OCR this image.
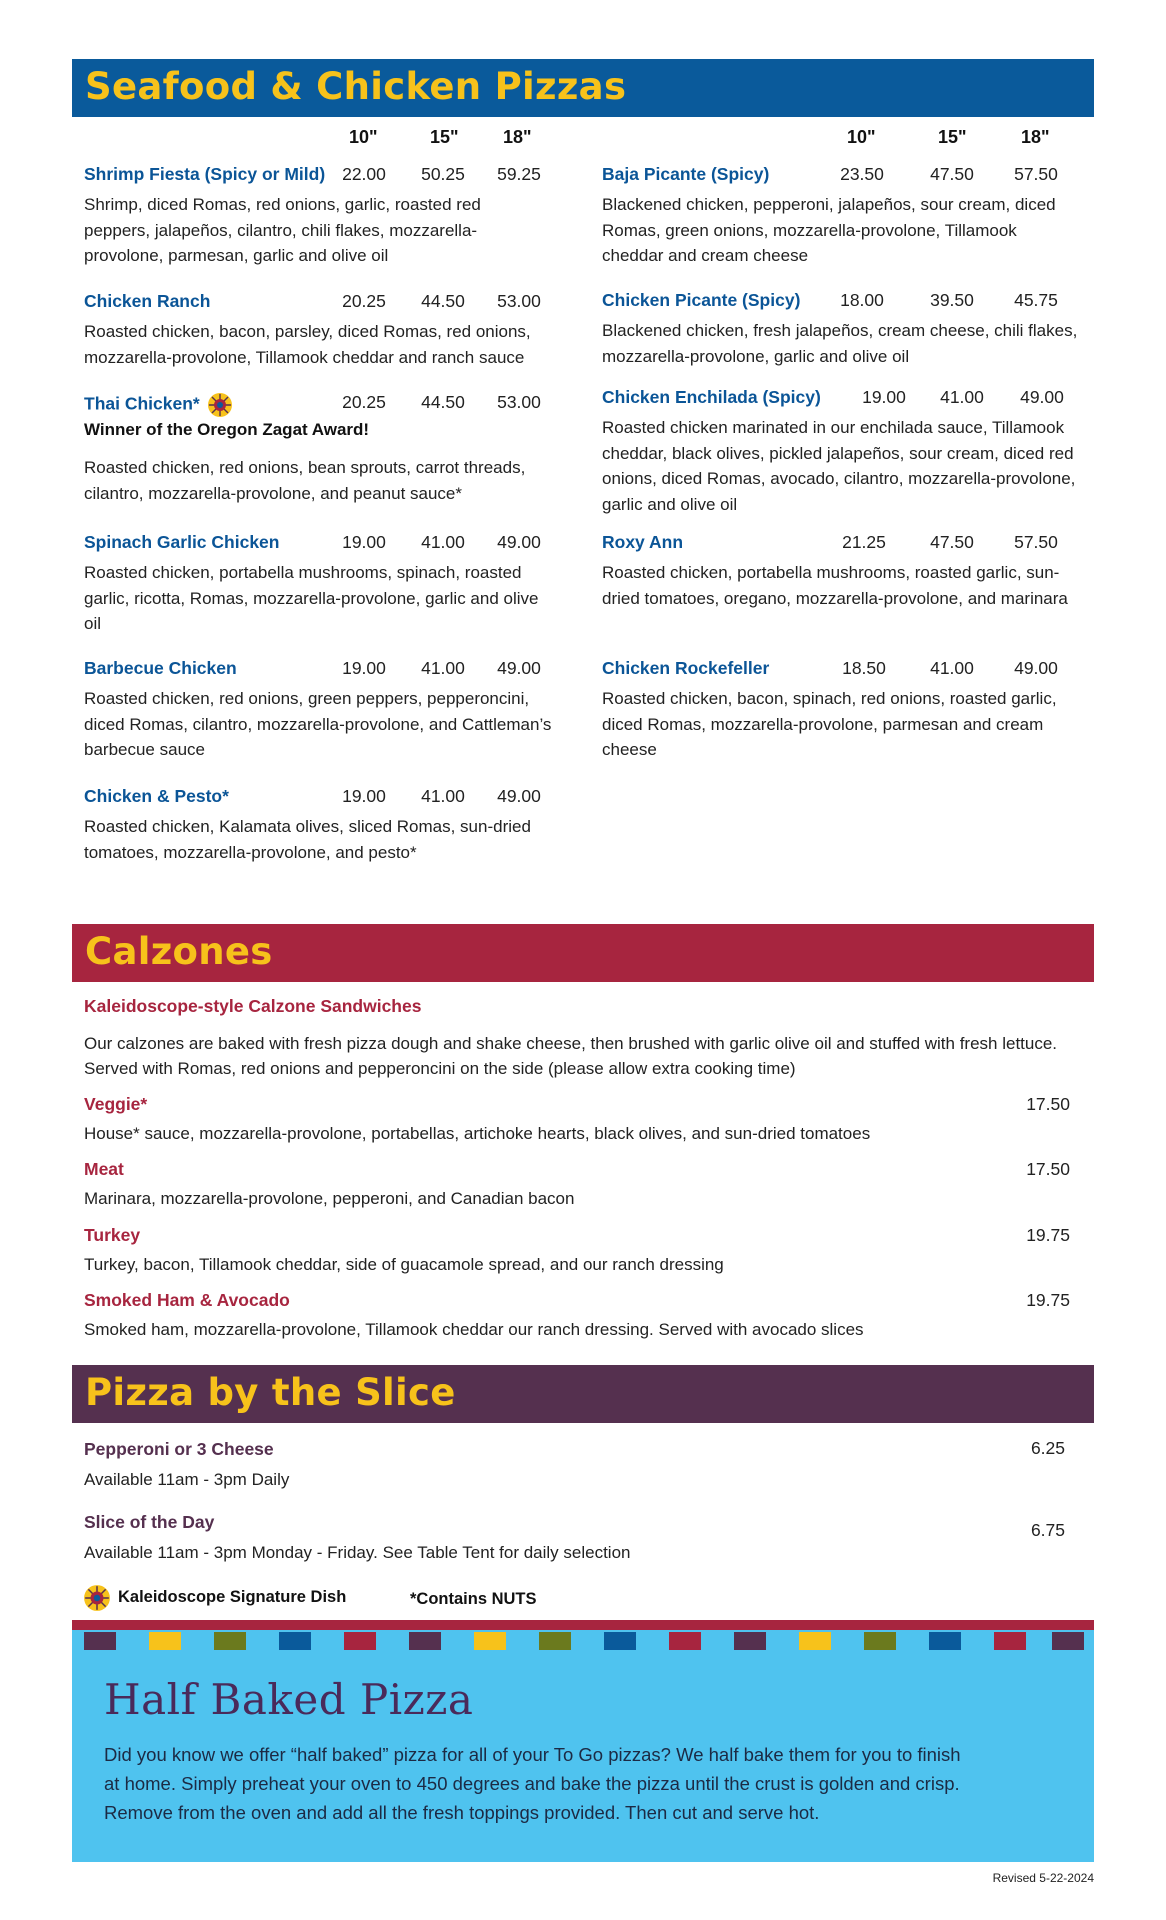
Seafood & Chicken Pizzas
10"	15" 18"	10"	15"	18"
Shrimp Fiesta (Spicy or Mild) 22.00	50.25	59.25
Shrimp, diced Romas, red onions, garlic, roasted red peppers, jalapeños, cilantro, chili flakes, mozzarella-provolone, parmesan, garlic and olive oil
Chicken Ranch	20.25	44.50	53.00
Roasted chicken, bacon, parsley, diced Romas, red onions, mozzarella-provolone, Tillamook cheddar and ranch sauce
Thai Chicken*	20.25	44.50	53.00
Winner of the Oregon Zagat Award!
Roasted chicken, red onions, bean sprouts, carrot threads, cilantro, mozzarella-provolone, and peanut sauce*
Spinach Garlic Chicken	19.00	41.00	49.00
Roasted chicken, portabella mushrooms, spinach, roasted garlic, ricotta, Romas, mozzarella-provolone, garlic and olive oil
Barbecue Chicken	19.00	41.00	49.00
Roasted chicken, red onions, green peppers, pepperoncini, diced Romas, cilantro, mozzarella-provolone, and Cattleman’s barbecue sauce
Chicken & Pesto*	19.00	41.00	49.00
Roasted chicken, Kalamata olives, sliced Romas, sun-dried tomatoes, mozzarella-provolone, and pesto*
Baja Picante (Spicy)	23.50	47.50	57.50
Blackened chicken, pepperoni, jalapeños, sour cream, diced Romas, green onions, mozzarella-provolone, Tillamook cheddar and cream cheese
Chicken Picante (Spicy)	18.00	39.50	45.75
Blackened chicken, fresh jalapeños, cream cheese, chili flakes, mozzarella-provolone, garlic and olive oil
Chicken Enchilada (Spicy)	19.00	41.00	49.00
Roasted chicken marinated in our enchilada sauce, Tillamook cheddar, black olives, pickled jalapeños, sour cream, diced red onions, diced Romas, avocado, cilantro, mozzarella-provolone, garlic and olive oil
Roxy Ann	21.25	47.50	57.50
Roasted chicken, portabella mushrooms, roasted garlic, sun-dried tomatoes, oregano, mozzarella-provolone, and marinara
Chicken Rockefeller	18.50	41.00	49.00
Roasted chicken, bacon, spinach, red onions, roasted garlic, diced Romas, mozzarella-provolone, parmesan and cream cheese
Calzones
Kaleidoscope-style Calzone Sandwiches
Our calzones are baked with fresh pizza dough and shake cheese, then brushed with garlic olive oil and stuffed with fresh lettuce. Served with Romas, red onions and pepperoncini on the side (please allow extra cooking time)
Veggie*	17.50
House* sauce, mozzarella-provolone, portabellas, artichoke hearts, black olives, and sun-dried tomatoes
Meat	17.50
Marinara, mozzarella-provolone, pepperoni, and Canadian bacon
Turkey	19.75
Turkey, bacon, Tillamook cheddar, side of guacamole spread, and our ranch dressing
Smoked Ham & Avocado	19.75
Smoked ham, mozzarella-provolone, Tillamook cheddar our ranch dressing. Served with avocado slices
Pizza by the Slice
Pepperoni or 3 Cheese	6.25
Available 11am - 3pm Daily
Slice of the Day	6.75
Available 11am - 3pm Monday - Friday. See Table Tent for daily selection
Kaleidoscope Signature Dish	*Contains NUTS
Half Baked Pizza

Did you know we offer “half baked” pizza for all of your To Go pizzas? We half bake them for you to finish at home. Simply preheat your oven to 450 degrees and bake the pizza until the crust is golden and crisp. Remove from the oven and add all the fresh toppings provided. Then cut and serve hot.

Revised 5-22-2024
